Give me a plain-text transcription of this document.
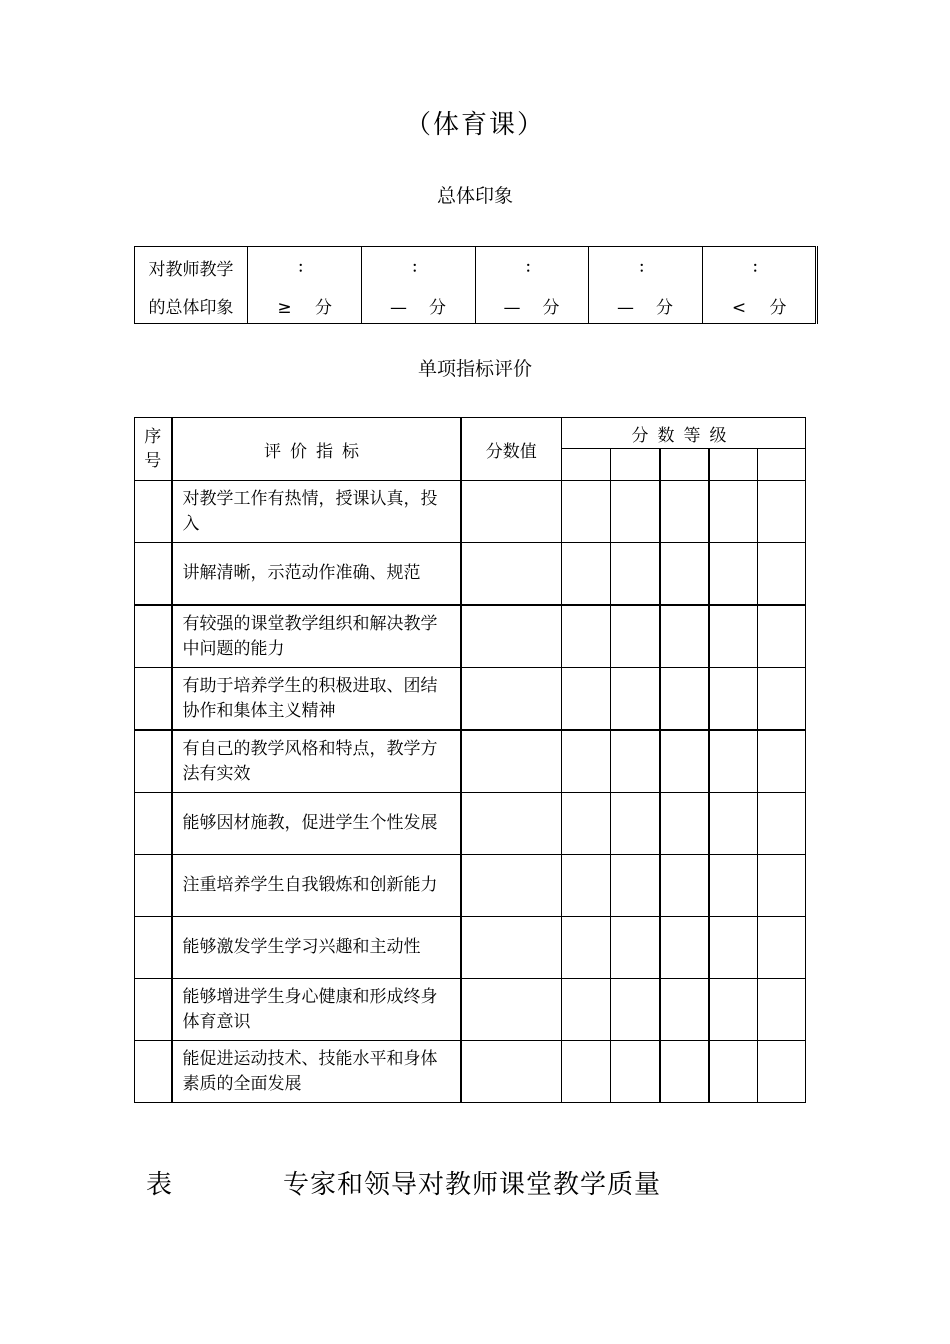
（体育课）
总体印象
对教师教学	：	：	：	：	：
的总体印象	≥ 分	— 分	— 分	— 分	< 分
单项指标评价
序号	评价指标	分数值	分数等级				

	对教学工作有热情，授课认真，投入						
	讲解清晰，示范动作准确、规范						
	有较强的课堂教学组织和解决教学中问题的能力						
	有助于培养学生的积极进取、团结协作和集体主义精神						
	有自己的教学风格和特点，教学方法有实效						
	能够因材施教，促进学生个性发展						
	注重培养学生自我锻炼和创新能力						
	能够激发学生学习兴趣和主动性						
	能够增进学生身心健康和形成终身体育意识						
	能促进运动技术、技能水平和身体素质的全面发展						
表	专家和领导对教师课堂教学质量
